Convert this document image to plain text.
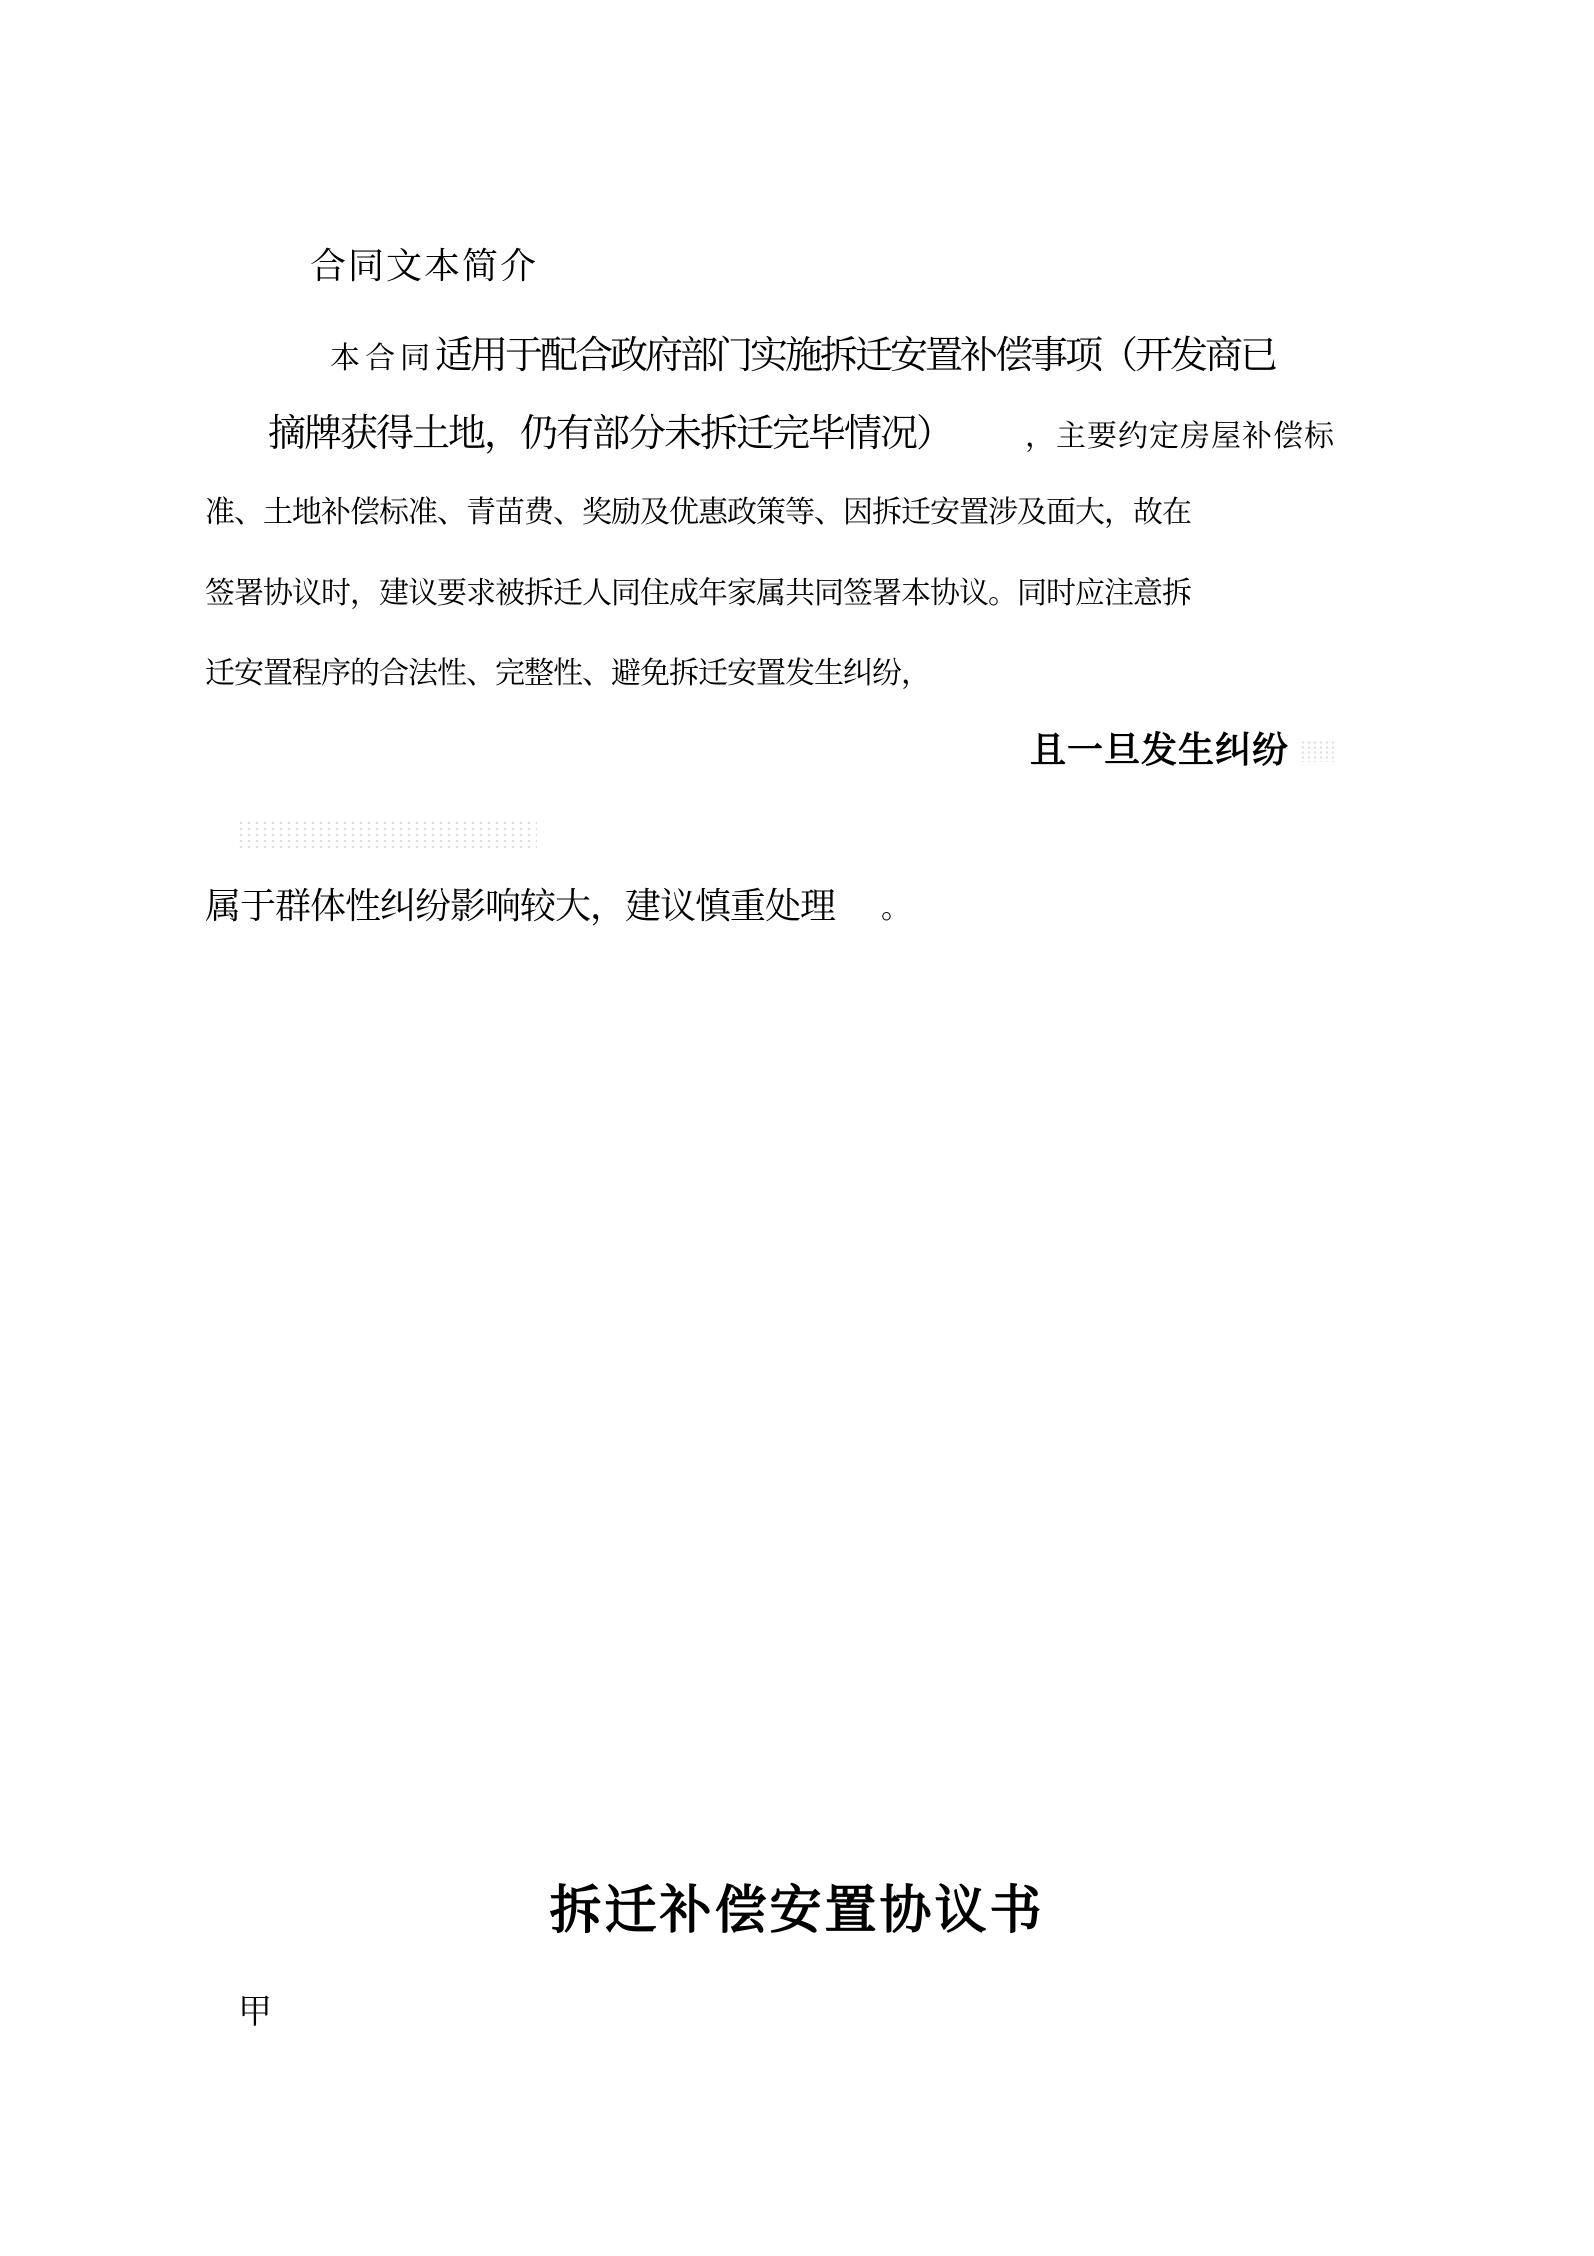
合同文本简介
本合同适用于配合政府部门实施拆迁安置补偿事项（开发商已
摘牌获得土地，仍有部分未拆迁完毕情况）	，主要约定房屋补偿标
准、土地补偿标准、青苗费、奖励及优惠政策等、因拆迁安置涉及面大，故在
签署协议时，建议要求被拆迁人同住成年家属共同签署本协议。同时应注意拆
迁安置程序的合法性、完整性、避免拆迁安置发生纠纷，
且一旦发生纠纷
属于群体性纠纷影响较大，建议慎重处理 。
拆迁补偿安置协议书
甲
